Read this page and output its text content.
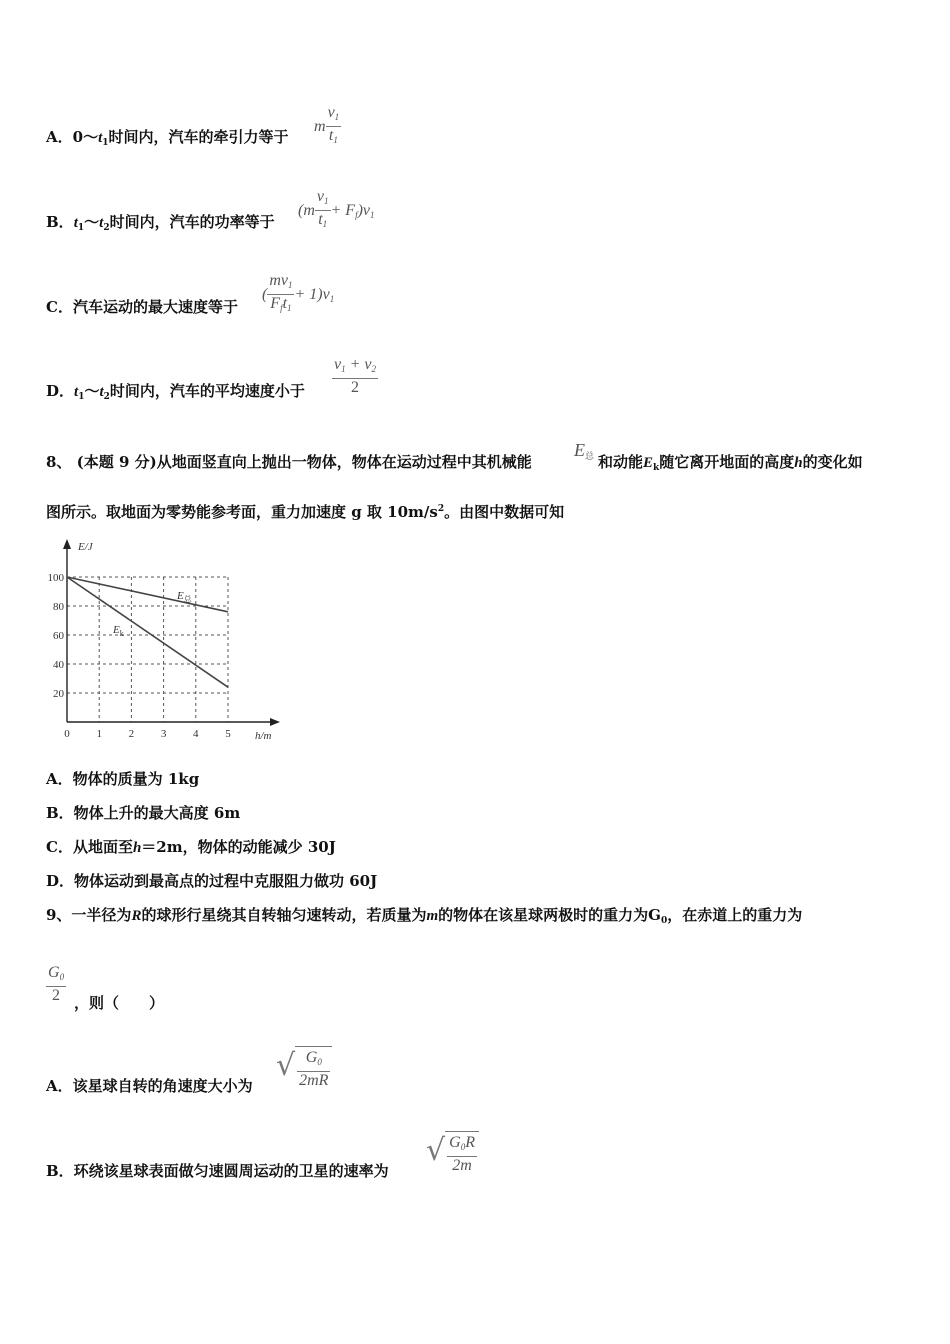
A．$0\sim t_1$时间内，汽车的牵引力等于
m $\frac{v_1}{t_1}$
B．$t_1\sim t_2$时间内，汽车的功率等于
$(m \frac{v_1}{t_1} + F_f)v_1$
C．汽车运动的最大速度等于
( $\frac{mv_1}{F_ft_1} + 1)v_1$
D．$t_1\sim t_2$时间内，汽车的平均速度小于 $\frac{v_1 + v_2}{2}$
8、 (本题 9 分)从地面竖直向上抛出一物体，物体在运动过程中其机械能
$E_总$ 和动能$E_k$随它离开地面的高度h的变化如
图所示。取地面为零势能参考面，重力加速度 g 取 $10m/s^2$。由图中数据可知
E/J
h/m
0 1 2 3 4 5
20
40
60
80
100
$E_总$
$E_k$
A．物体的质量为 1kg
B．物体上升的最大高度 6m
C．从地面至h＝2m，物体的动能减少 30J
D．物体运动到最高点的过程中克服阻力做功 60J
9、一半径为R的球形行星绕其自转轴匀速转动，若质量为m的物体在该星球两极时的重力为$G_0$，在赤道上的重力为
$\frac{G_0}{2}$ ，则（　　）
A．该星球自转的角速度大小为
√ $\frac{G_0}{2mR}$
B．环绕该星球表面做匀速圆周运动的卫星的速率为
√ $\frac{G_0R}{2m}$
